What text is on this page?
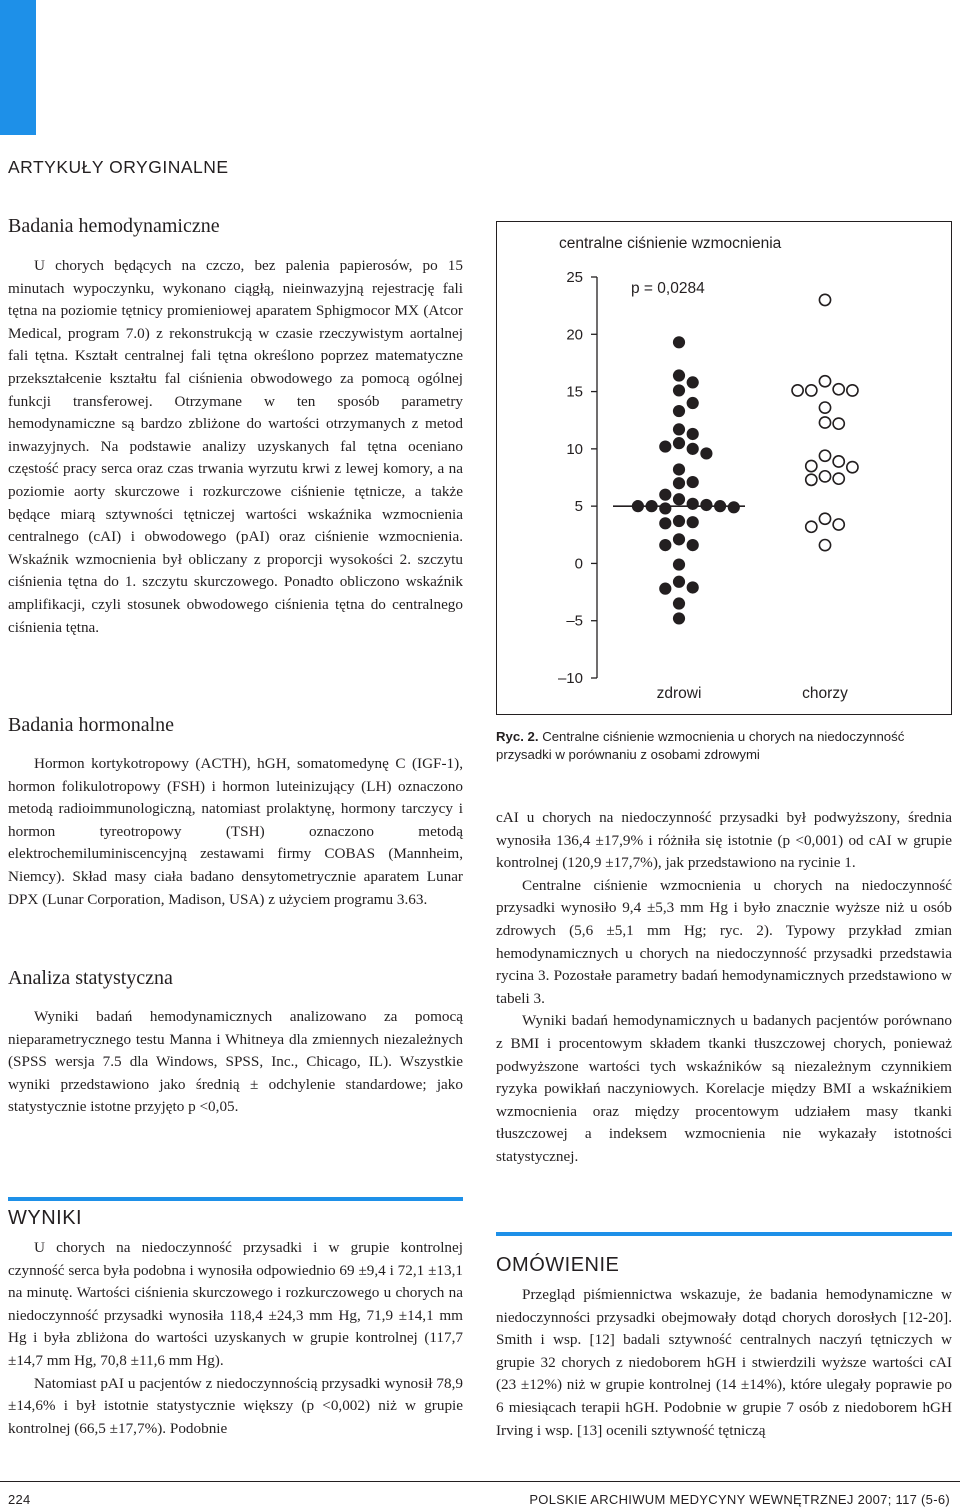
ARTYKUŁY ORYGINALNE
Badania hemodynamiczne

U chorych będących na czczo, bez palenia papierosów, po 15 minutach wypoczynku, wykonano ciągłą, nieinwazyjną rejestrację fali tętna na poziomie tętnicy promieniowej aparatem Sphigmocor MX (Atcor Medical, program 7.0) z rekonstrukcją w czasie rzeczywistym aortalnej fali tętna. Kształt centralnej fali tętna określono poprzez matematyczne przekształcenie kształtu fal ciśnienia obwodowego za pomocą ogólnej funkcji transferowej. Otrzymane w ten sposób parametry hemodynamiczne są bardzo zbliżone do wartości otrzymanych z metod inwazyjnych. Na podstawie analizy uzyskanych fal tętna oceniano częstość pracy serca oraz czas trwania wyrzutu krwi z lewej komory, a na poziomie aorty skurczowe i rozkurczowe ciśnienie tętnicze, a także będące miarą sztywności tętniczej wartości wskaźnika wzmocnienia centralnego (cAI) i obwodowego (pAI) oraz ciśnienie wzmocnienia. Wskaźnik wzmocnienia był obliczany z proporcji wysokości 2. szczytu ciśnienia tętna do 1. szczytu skurczowego. Ponadto obliczono wskaźnik amplifikacji, czyli stosunek obwodowego ciśnienia tętna do centralnego ciśnienia tętna.

Badania hormonalne

Hormon kortykotropowy (ACTH), hGH, somatomedynę C (IGF-1), hormon folikulotropowy (FSH) i hormon luteinizujący (LH) oznaczono metodą radioimmunologiczną, natomiast prolaktynę, hormony tarczycy i hormon tyreotropowy (TSH) oznaczono metodą elektrochemiluminiscencyjną zestawami firmy COBAS (Mannheim, Niemcy). Skład masy ciała badano densytometrycznie aparatem Lunar DPX (Lunar Corporation, Madison, USA) z użyciem programu 3.63.

Analiza statystyczna

Wyniki badań hemodynamicznych analizowano za pomocą nieparametrycznego testu Manna i Whitneya dla zmiennych niezależnych (SPSS wersja 7.5 dla Windows, SPSS, Inc., Chicago, IL). Wszystkie wyniki przedstawiono jako średnią ± odchylenie standardowe; jako statystycznie istotne przyjęto p <0,05.

WYNIKI

U chorych na niedoczynność przysadki i w grupie kontrolnej czynność serca była podobna i wynosiła odpowiednio 69 ±9,4 i 72,1 ±13,1 na minutę. Wartości ciśnienia skurczowego i rozkurczowego u chorych na niedoczynność przysadki wynosiła 118,4 ±24,3 mm Hg, 71,9 ±14,1 mm Hg i była zbliżona do wartości uzyskanych w grupie kontrolnej (117,7 ±14,7 mm Hg, 70,8 ±11,6 mm Hg).

Natomiast pAI u pacjentów z niedoczynnością przysadki wynosił 78,9 ±14,6% i był istotnie statystycznie większy (p <0,002) niż w grupie kontrolnej (66,5 ±17,7%). Podobnie

centralne ciśnienie wzmocnienia
25
20
15
10
5
0
–5
–10
p = 0,0284
zdrowi	chorzy
Ryc. 2. Centralne ciśnienie wzmocnienia u chorych na niedoczynność przysadki w porównaniu z osobami zdrowymi

cAI u chorych na niedoczynność przysadki był podwyższony, średnia wynosiła 136,4 ±17,9% i różniła się istotnie (p <0,001) od cAI w grupie kontrolnej (120,9 ±17,7%), jak przedstawiono na rycinie 1.

Centralne ciśnienie wzmocnienia u chorych na niedoczynność przysadki wynosiło 9,4 ±5,3 mm Hg i było znacznie wyższe niż u osób zdrowych (5,6 ±5,1 mm Hg; ryc. 2). Typowy przykład zmian hemodynamicznych u chorych na niedoczynność przysadki przedstawia rycina 3. Pozostałe parametry badań hemodynamicznych przedstawiono w tabeli 3.

Wyniki badań hemodynamicznych u badanych pacjentów porównano z BMI i procentowym składem tkanki tłuszczowej chorych, ponieważ podwyższone wartości tych wskaźników są niezależnym czynnikiem ryzyka powikłań naczyniowych. Korelacje między BMI a wskaźnikiem wzmocnienia oraz między procentowym udziałem masy tkanki tłuszczowej a indeksem wzmocnienia nie wykazały istotności statystycznej.

OMÓWIENIE

Przegląd piśmiennictwa wskazuje, że badania hemodynamiczne w niedoczynności przysadki obejmowały dotąd chorych dorosłych [12-20]. Smith i wsp. [12] badali sztywność centralnych naczyń tętniczych w grupie 32 chorych z niedoborem hGH i stwierdzili wyższe wartości cAI (23 ±12%) niż w grupie kontrolnej (14 ±14%), które ulegały poprawie po 6 miesiącach terapii hGH. Podobnie w grupie 7 osób z niedoborem hGH Irving i wsp. [13] ocenili sztywność tętniczą

224	POLSKIE ARCHIWUM MEDYCYNY WEWNĘTRZNEJ 2007; 117 (5-6)
